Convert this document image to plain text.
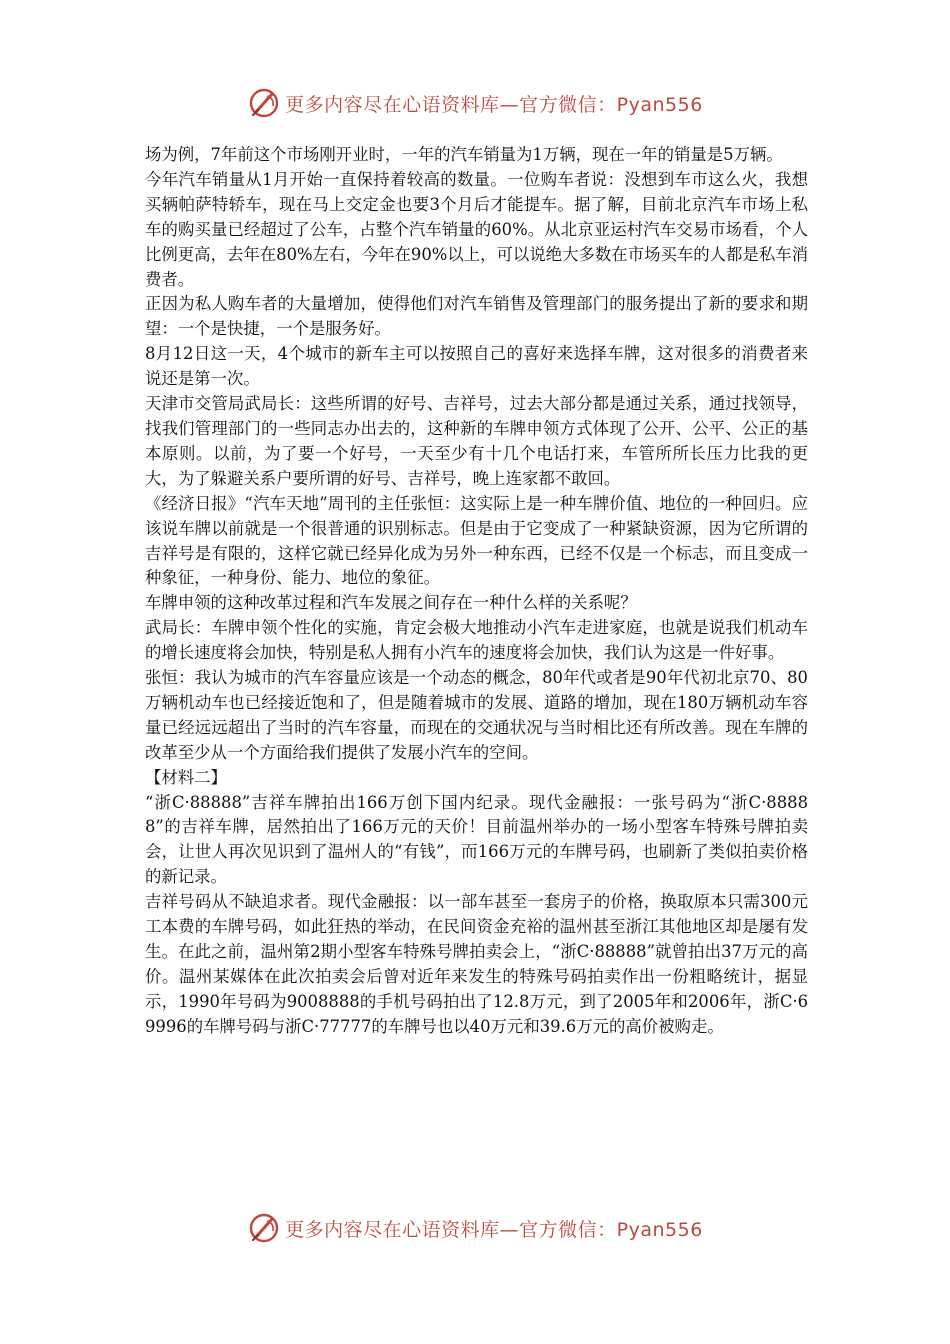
更多内容尽在心语资料库—官方微信：Pyan556

场为例，7年前这个市场刚开业时，一年的汽车销量为1万辆，现在一年的销量是5万辆。

今年汽车销量从1月开始一直保持着较高的数量。一位购车者说：没想到车市这么火，我想买辆帕萨特轿车，现在马上交定金也要3个月后才能提车。据了解，目前北京汽车市场上私车的购买量已经超过了公车，占整个汽车销量的60%。从北京亚运村汽车交易市场看，个人比例更高，去年在80%左右，今年在90%以上，可以说绝大多数在市场买车的人都是私车消费者。

正因为私人购车者的大量增加，使得他们对汽车销售及管理部门的服务提出了新的要求和期望：一个是快捷，一个是服务好。

8月12日这一天，4个城市的新车主可以按照自己的喜好来选择车牌，这对很多的消费者来说还是第一次。

天津市交管局武局长：这些所谓的好号、吉祥号，过去大部分都是通过关系，通过找领导，找我们管理部门的一些同志办出去的，这种新的车牌申领方式体现了公开、公平、公正的基本原则。以前，为了要一个好号，一天至少有十几个电话打来，车管所所长压力比我的更大，为了躲避关系户要所谓的好号、吉祥号，晚上连家都不敢回。

《经济日报》“汽车天地”周刊的主任张恒：这实际上是一种车牌价值、地位的一种回归。应该说车牌以前就是一个很普通的识别标志。但是由于它变成了一种紧缺资源，因为它所谓的吉祥号是有限的，这样它就已经异化成为另外一种东西，已经不仅是一个标志，而且变成一种象征，一种身份、能力、地位的象征。

车牌申领的这种改革过程和汽车发展之间存在一种什么样的关系呢？

武局长：车牌申领个性化的实施，肯定会极大地推动小汽车走进家庭，也就是说我们机动车的增长速度将会加快，特别是私人拥有小汽车的速度将会加快，我们认为这是一件好事。

张恒：我认为城市的汽车容量应该是一个动态的概念，80年代或者是90年代初北京70、80万辆机动车也已经接近饱和了，但是随着城市的发展、道路的增加，现在180万辆机动车容量已经远远超出了当时的汽车容量，而现在的交通状况与当时相比还有所改善。现在车牌的改革至少从一个方面给我们提供了发展小汽车的空间。

【材料二】

“浙C·88888”吉祥车牌拍出166万创下国内纪录。现代金融报：一张号码为“浙C·88888”的吉祥车牌，居然拍出了166万元的天价！目前温州举办的一场小型客车特殊号牌拍卖会，让世人再次见识到了温州人的“有钱”，而166万元的车牌号码，也刷新了类似拍卖价格的新记录。

吉祥号码从不缺追求者。现代金融报：以一部车甚至一套房子的价格，换取原本只需300元工本费的车牌号码，如此狂热的举动，在民间资金充裕的温州甚至浙江其他地区却是屡有发生。在此之前，温州第2期小型客车特殊号牌拍卖会上，“浙C·88888”就曾拍出37万元的高价。温州某媒体在此次拍卖会后曾对近年来发生的特殊号码拍卖作出一份粗略统计，据显示，1990年号码为9008888的手机号码拍出了12.8万元，到了2005年和2006年，浙C·69996的车牌号码与浙C·77777的车牌号也以40万元和39.6万元的高价被购走。

更多内容尽在心语资料库—官方微信：Pyan556
